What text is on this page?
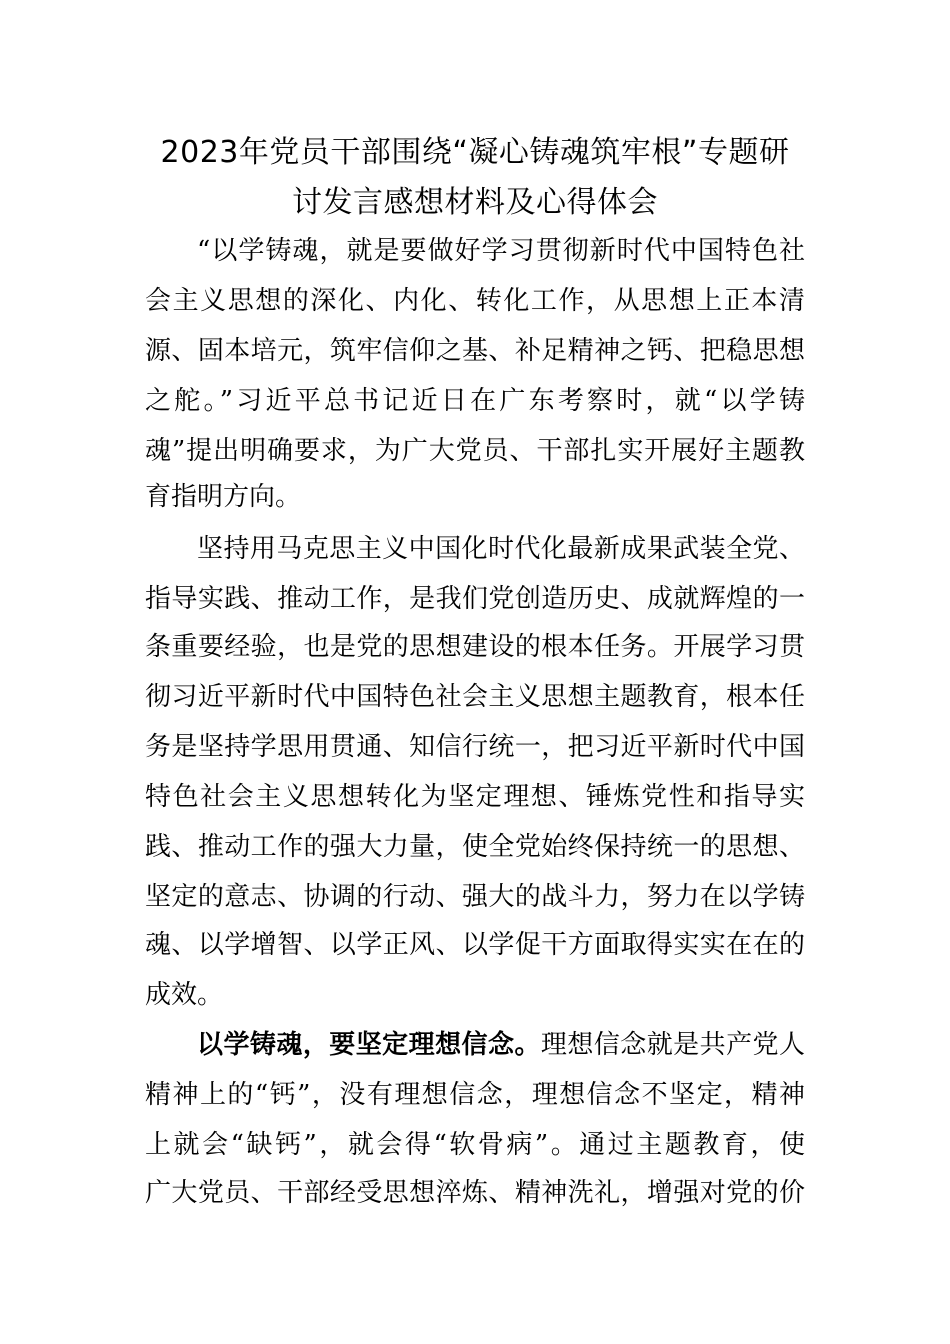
2023年党员干部围绕“凝心铸魂筑牢根”专题研
讨发言感想材料及心得体会
“以学铸魂，就是要做好学习贯彻新时代中国特色社
会主义思想的深化、内化、转化工作，从思想上正本清
源、固本培元，筑牢信仰之基、补足精神之钙、把稳思想
之舵。”习近平总书记近日在广东考察时，就“以学铸
魂”提出明确要求，为广大党员、干部扎实开展好主题教
育指明方向。
坚持用马克思主义中国化时代化最新成果武装全党、
指导实践、推动工作，是我们党创造历史、成就辉煌的一
条重要经验，也是党的思想建设的根本任务。开展学习贯
彻习近平新时代中国特色社会主义思想主题教育，根本任
务是坚持学思用贯通、知信行统一，把习近平新时代中国
特色社会主义思想转化为坚定理想、锤炼党性和指导实
践、推动工作的强大力量，使全党始终保持统一的思想、
坚定的意志、协调的行动、强大的战斗力，努力在以学铸
魂、以学增智、以学正风、以学促干方面取得实实在在的
成效。
以学铸魂，要坚定理想信念。理想信念就是共产党人
精神上的“钙”，没有理想信念，理想信念不坚定，精神
上就会“缺钙”，就会得“软骨病”。通过主题教育，使
广大党员、干部经受思想淬炼、精神洗礼，增强对党的价
